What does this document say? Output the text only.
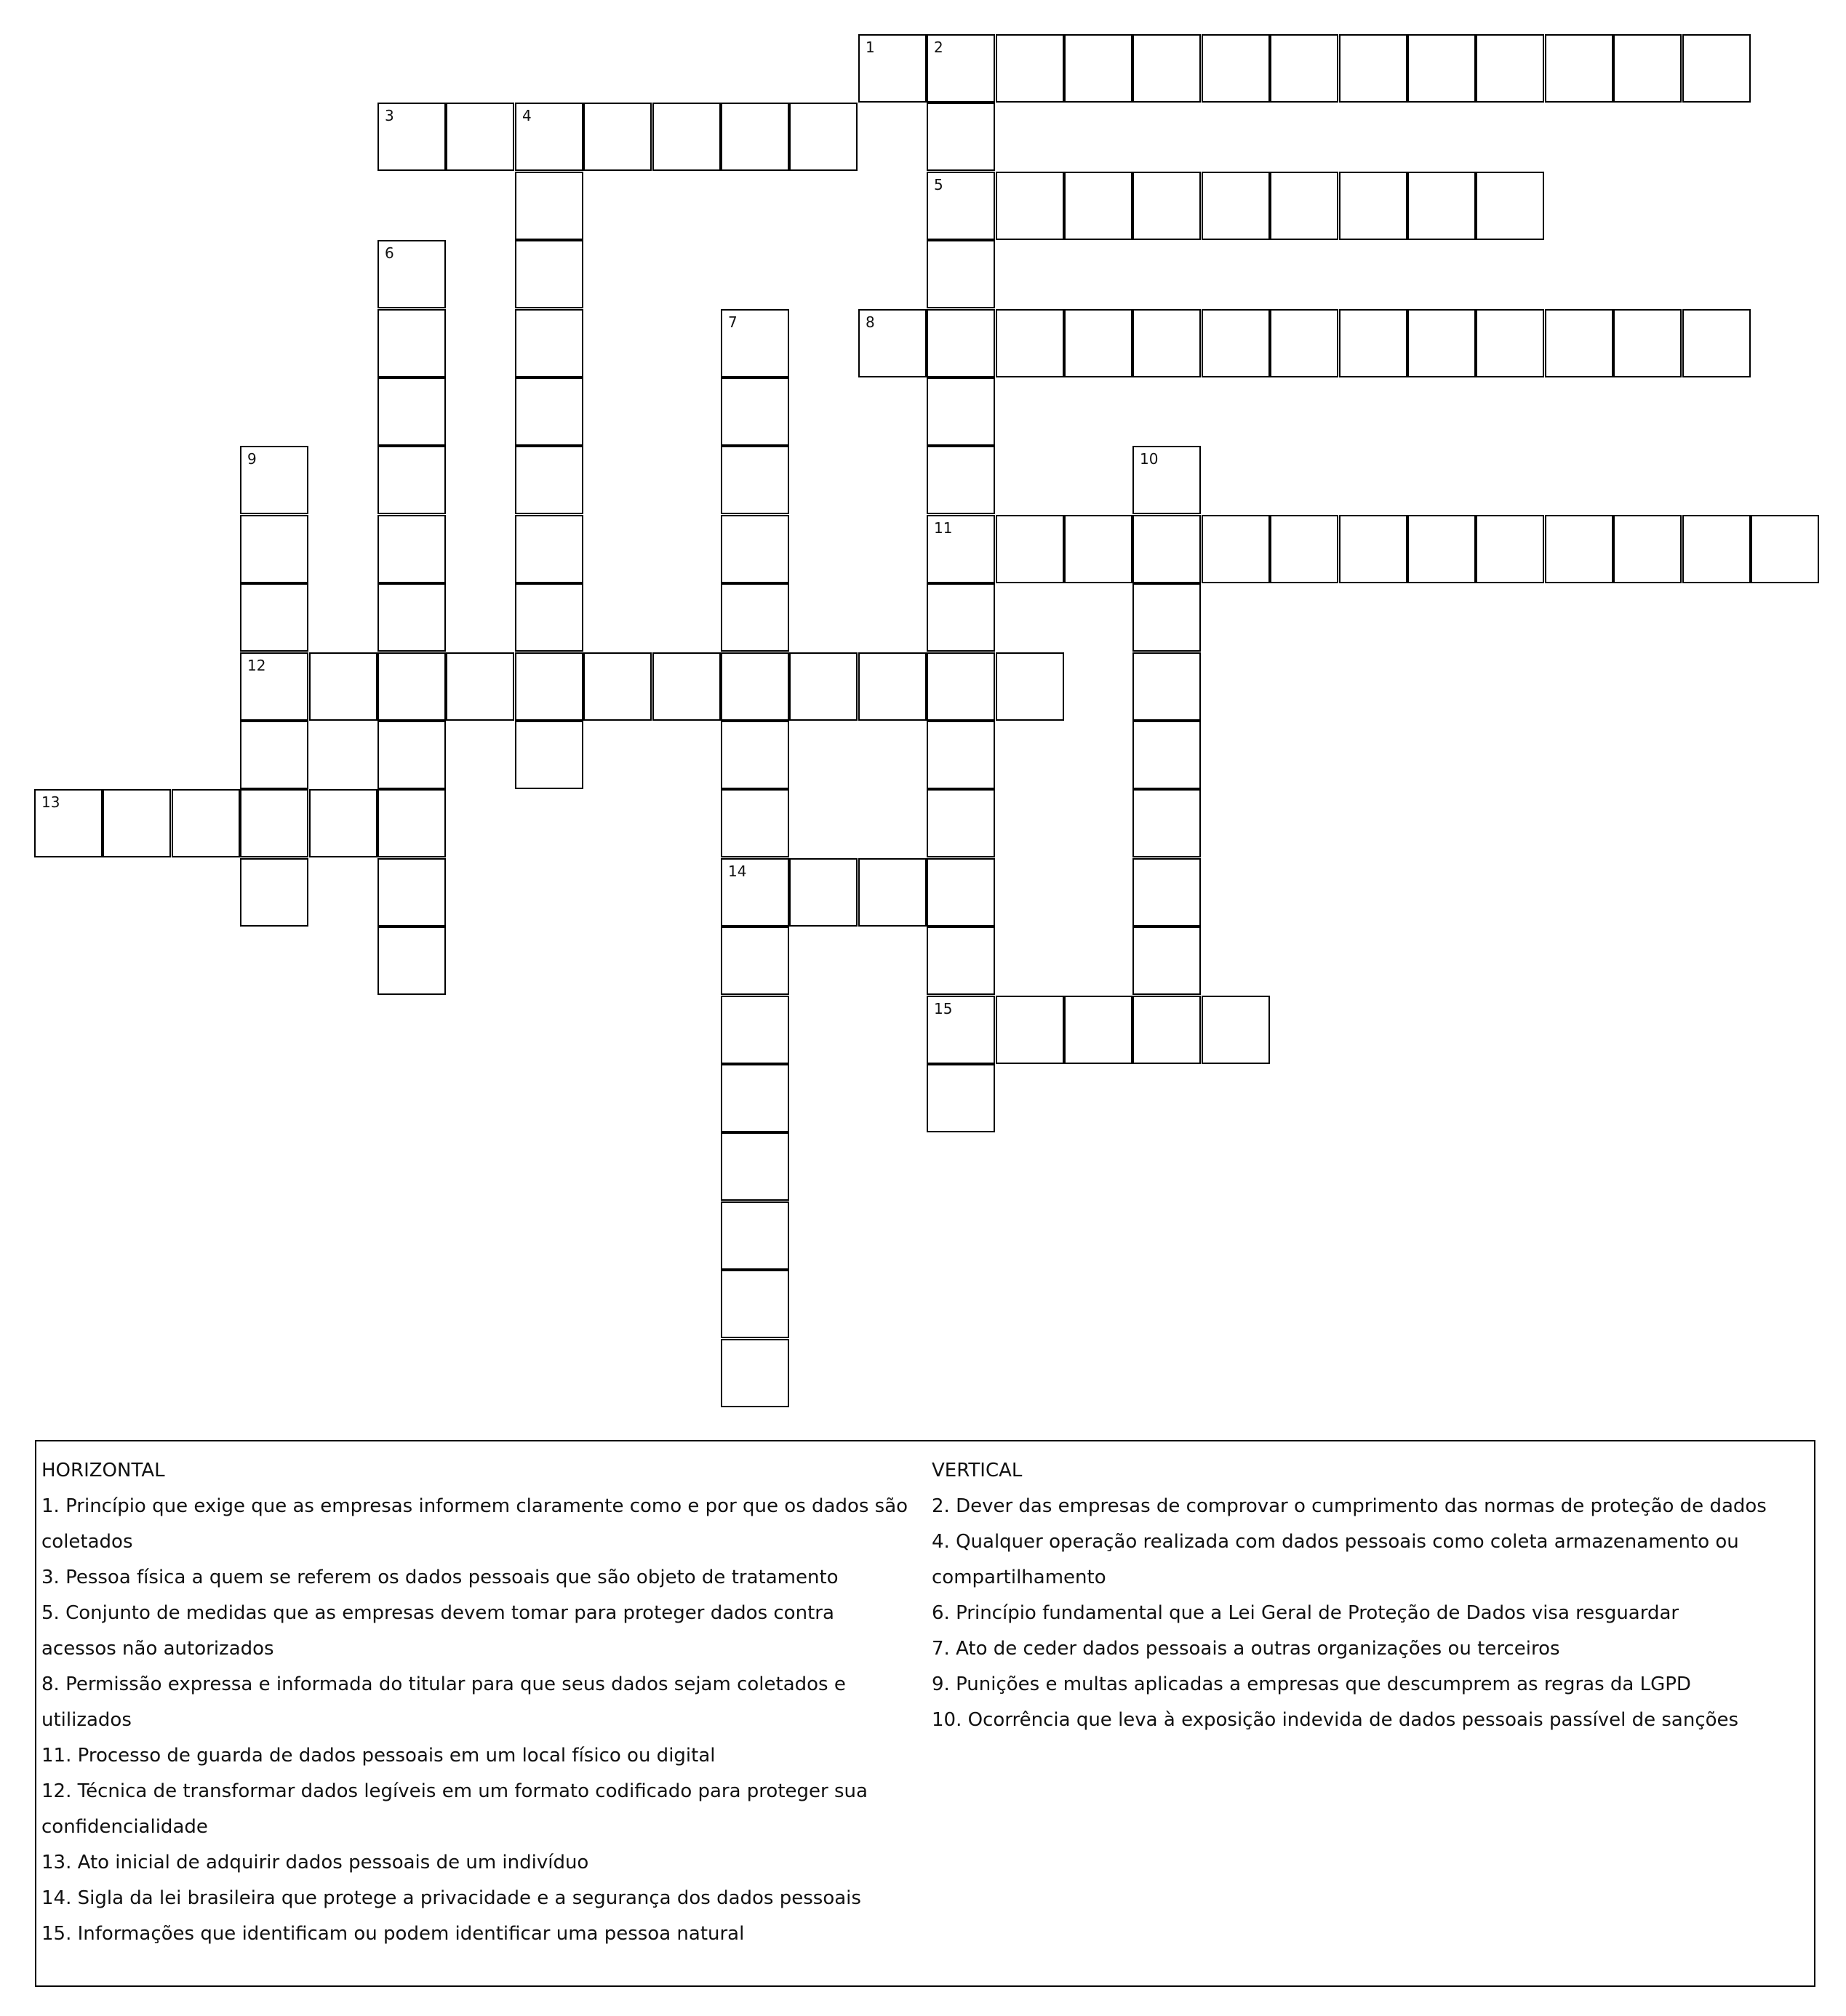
1	2
5
11
15
3	4
6
7	8
9
12
10
13
14
HORIZONTAL
1. Princípio que exige que as empresas informem claramente como e por que os dados são
coletados
3. Pessoa física a quem se referem os dados pessoais que são objeto de tratamento
5. Conjunto de medidas que as empresas devem tomar para proteger dados contra
acessos não autorizados
8. Permissão expressa e informada do titular para que seus dados sejam coletados e
utilizados
11. Processo de guarda de dados pessoais em um local físico ou digital
12. Técnica de transformar dados legíveis em um formato codificado para proteger sua
confidencialidade
13. Ato inicial de adquirir dados pessoais de um indivíduo
14. Sigla da lei brasileira que protege a privacidade e a segurança dos dados pessoais
15. Informações que identificam ou podem identificar uma pessoa natural
VERTICAL
2. Dever das empresas de comprovar o cumprimento das normas de proteção de dados
4. Qualquer operação realizada com dados pessoais como coleta armazenamento ou
compartilhamento
6. Princípio fundamental que a Lei Geral de Proteção de Dados visa resguardar
7. Ato de ceder dados pessoais a outras organizações ou terceiros
9. Punições e multas aplicadas a empresas que descumprem as regras da LGPD
10. Ocorrência que leva à exposição indevida de dados pessoais passível de sanções
